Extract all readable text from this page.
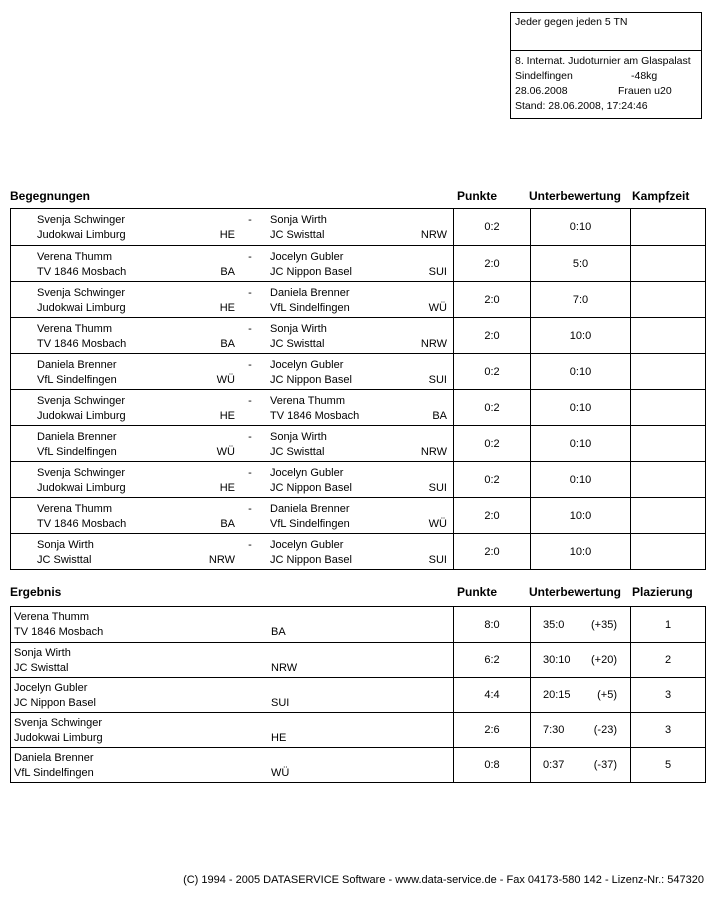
Jeder gegen jeden 5 TN
8. Internat. Judoturnier am Glaspalast
Sindelfingen	-48kg
28.06.2008	Frauen u20
Stand: 28.06.2008, 17:24:46
Begegnungen	Punkte	Unterbewertung Kampfzeit
Svenja Schwinger	-	Sonja Wirth
Judokwai Limburg	HE	JC Swisttal	NRW
0:2	0:10
Verena Thumm	-	Jocelyn Gubler
TV 1846 Mosbach	BA	JC Nippon Basel	SUI
2:0	5:0
Svenja Schwinger	-	Daniela Brenner
Judokwai Limburg	HE	VfL Sindelfingen	WÜ
2:0	7:0
Verena Thumm	-	Sonja Wirth
TV 1846 Mosbach	BA	JC Swisttal	NRW
2:0	10:0
Daniela Brenner	-	Jocelyn Gubler
VfL Sindelfingen	WÜ	JC Nippon Basel	SUI
0:2	0:10
Svenja Schwinger	-	Verena Thumm
Judokwai Limburg	HE	TV 1846 Mosbach	BA
0:2	0:10
Daniela Brenner	-	Sonja Wirth
VfL Sindelfingen	WÜ	JC Swisttal	NRW
0:2	0:10
Svenja Schwinger	-	Jocelyn Gubler
Judokwai Limburg	HE	JC Nippon Basel	SUI
0:2	0:10
Verena Thumm	-	Daniela Brenner
TV 1846 Mosbach	BA	VfL Sindelfingen	WÜ
2:0	10:0
Sonja Wirth	-	Jocelyn Gubler
JC Swisttal	NRW	JC Nippon Basel	SUI
2:0	10:0
Ergebnis	Punkte	Unterbewertung Plazierung
Verena Thumm
TV 1846 Mosbach	BA
8:0	35:0 (+35)	1
Sonja Wirth
JC Swisttal	NRW
6:2	30:10 (+20)	2
Jocelyn Gubler
JC Nippon Basel	SUI
4:4	20:15 (+5)	3
Svenja Schwinger
Judokwai Limburg	HE
2:6	7:30	(-23)	3
Daniela Brenner
VfL Sindelfingen	WÜ
0:8	0:37	(-37)	5
(C) 1994 - 2005 DATASERVICE Software - www.data-service.de - Fax 04173-580 142 - Lizenz-Nr.: 547320
